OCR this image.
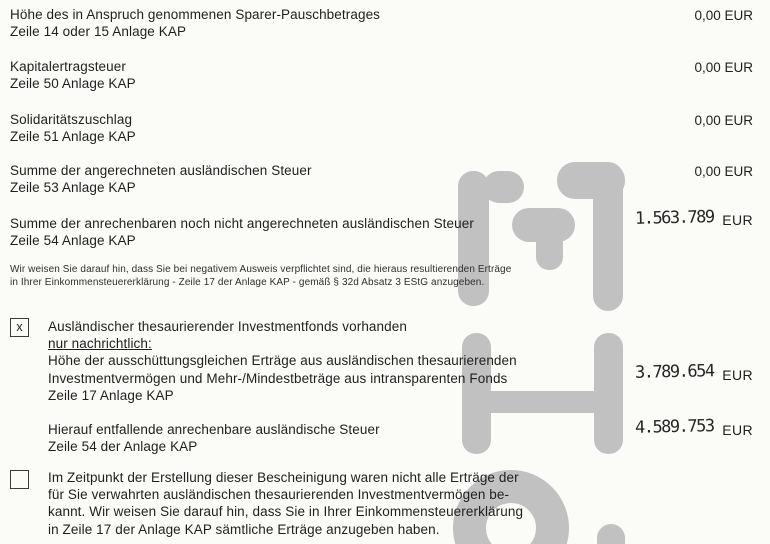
Höhe des in Anspruch genommenen Sparer-Pauschbetrages
Zeile 14 oder 15 Anlage KAP
0,00 EUR
Kapitalertragsteuer
Zeile 50 Anlage KAP
0,00 EUR
Solidaritätszuschlag
Zeile 51 Anlage KAP
0,00 EUR
Summe der angerechneten ausländischen Steuer
Zeile 53 Anlage KAP
0,00 EUR
Summe der anrechenbaren noch nicht angerechneten ausländischen Steuer
Zeile 54 Anlage KAP
1.563.789 EUR
Wir weisen Sie darauf hin, dass Sie bei negativem Ausweis verpflichtet sind, die hieraus resultierenden Erträge
in Ihrer Einkommensteuererklärung - Zeile 17 der Anlage KAP - gemäß § 32d Absatz 3 EStG anzugeben.
x	Ausländischer thesaurierender Investmentfonds vorhanden
nur nachrichtlich:
Höhe der ausschüttungsgleichen Erträge aus ausländischen thesaurierenden
Investmentvermögen und Mehr-/Mindestbeträge aus intransparenten Fonds
Zeile 17 Anlage KAP
3.789.654 EUR
Hierauf entfallende anrechenbare ausländische Steuer
Zeile 54 der Anlage KAP
4.589.753 EUR
Im Zeitpunkt der Erstellung dieser Bescheinigung waren nicht alle Erträge der
für Sie verwahrten ausländischen thesaurierenden Investmentvermögen be-
kannt. Wir weisen Sie darauf hin, dass Sie in Ihrer Einkommensteuererklärung
in Zeile 17 der Anlage KAP sämtliche Erträge anzugeben haben.
